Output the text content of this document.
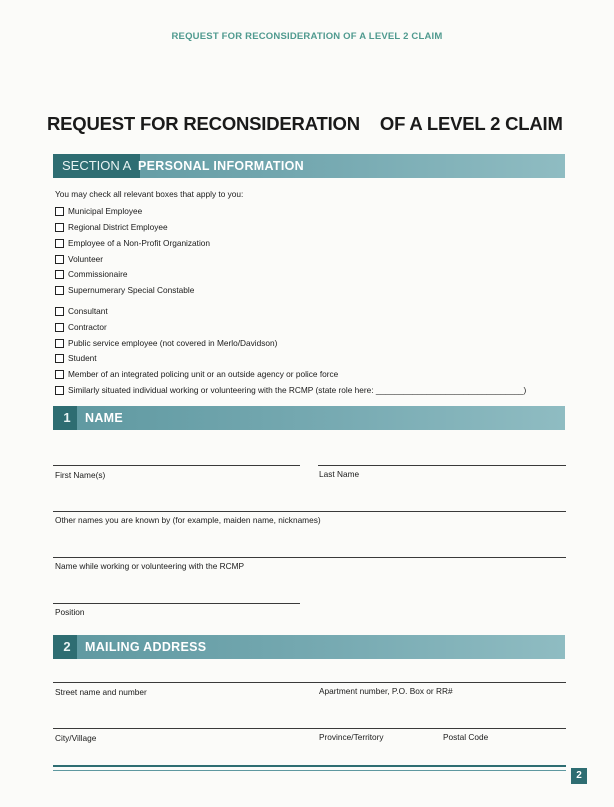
REQUEST FOR RECONSIDERATION OF A LEVEL 2 CLAIM
REQUEST FOR RECONSIDERATION OF A LEVEL 2 CLAIM
SECTION A PERSONAL INFORMATION
You may check all relevant boxes that apply to you:
Municipal Employee
Regional District Employee
Employee of a Non-Profit Organization
Volunteer
Commissionaire
Supernumerary Special Constable
Consultant
Contractor
Public service employee (not covered in Merlo/Davidson)
Student
Member of an integrated policing unit or an outside agency or police force
Similarly situated individual working or volunteering with the RCMP (state role here: ________________________________)
1	NAME
First Name(s)	Last Name
Other names you are known by (for example, maiden name, nicknames)
Name while working or volunteering with the RCMP
Position
2	MAILING ADDRESS
Street name and number	Apartment number, P.O. Box or RR#
City/Village	Province/Territory	Postal Code
2
